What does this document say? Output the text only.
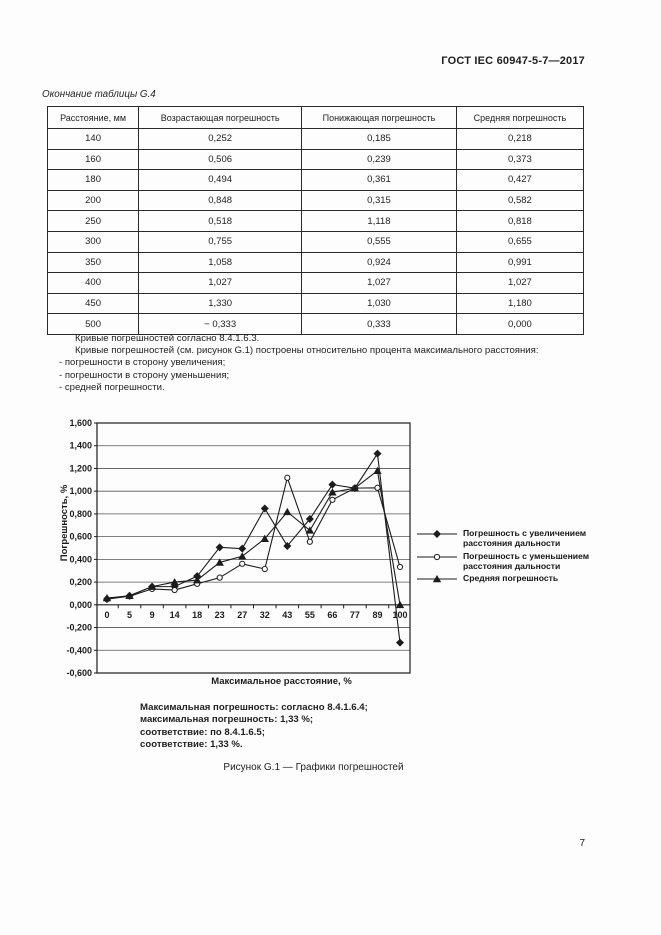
ГОСТ IEC 60947-5-7—2017
Окончание таблицы G.4
Расстояние, мм	Возрастающая погрешность	Понижающая погрешность	Средняя погрешность
140	0,252	0,185	0,218
160	0,506	0,239	0,373
180	0,494	0,361	0,427
200	0,848	0,315	0,582
250	0,518	1,118	0,818
300	0,755	0,555	0,655
350	1,058	0,924	0,991
400	1,027	1,027	1,027
450	1,330	1,030	1,180
500	− 0,333	0,333	0,000
Кривые погрешностей согласно 8.4.1.6.3.
Кривые погрешностей (см. рисунок G.1) построены относительно процента максимального расстояния:
- погрешности в сторону увеличения;
- погрешности в сторону уменьшения;
- средней погрешности.
1,600
1,400
1,200
1,000
0,800
0,600
0,400
0,200
0,000
-0,200
-0,400
-0,600
0 5 9 14 18 23 27 32 43 55 66 77 89 100
Погрешность, %
Максимальное расстояние, %
Погрешность с увеличением расстояния дальности
Погрешность с уменьшением расстояния дальности
Средняя погрешность
Максимальная погрешность: согласно 8.4.1.6.4;
максимальная погрешность: 1,33 %;
соответствие: по 8.4.1.6.5;
соответствие: 1,33 %.
Рисунок G.1 — Графики погрешностей
7
